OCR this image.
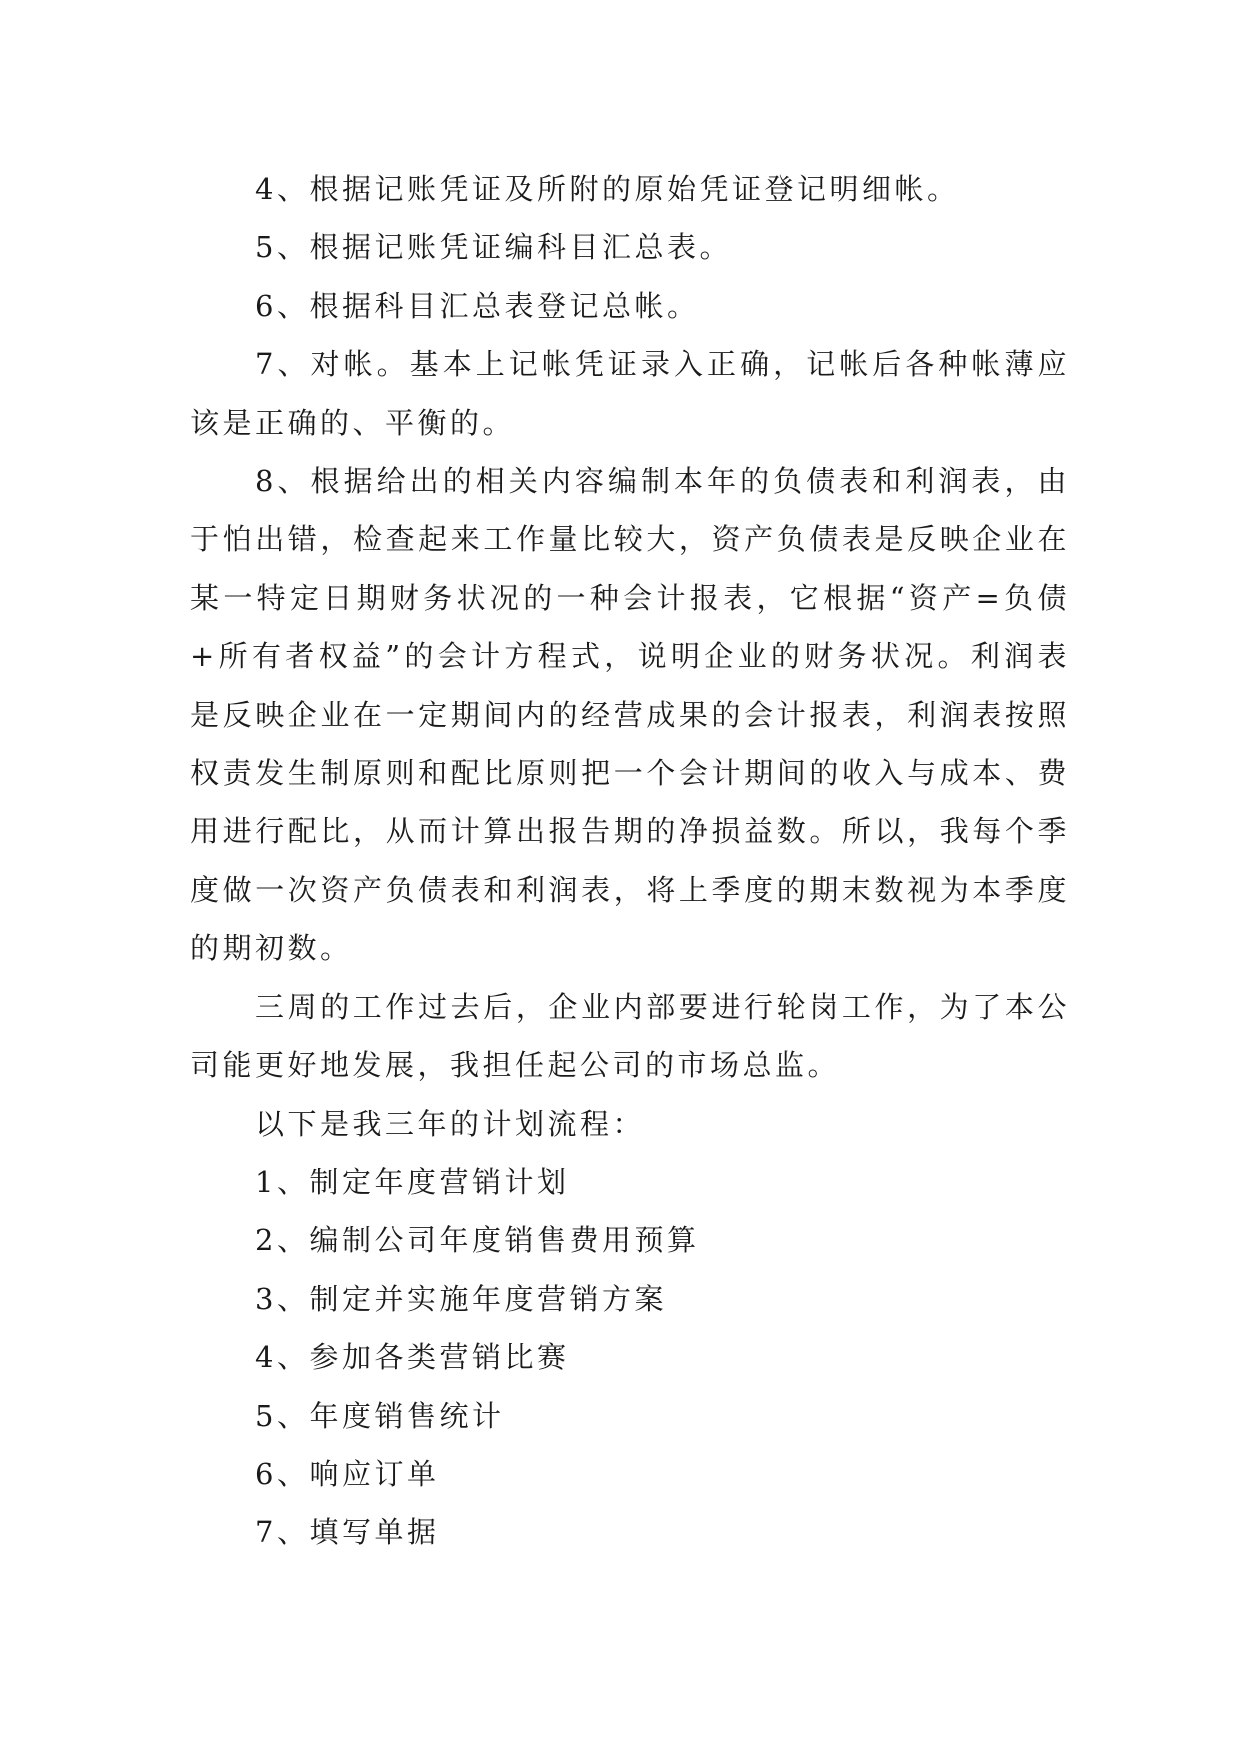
4、根据记账凭证及所附的原始凭证登记明细帐。

5、根据记账凭证编科目汇总表。

6、根据科目汇总表登记总帐。

7、对帐。基本上记帐凭证录入正确，记帐后各种帐薄应该是正确的、平衡的。

8、根据给出的相关内容编制本年的负债表和利润表，由于怕出错，检查起来工作量比较大，资产负债表是反映企业在某一特定日期财务状况的一种会计报表，它根据“资产=负债+所有者权益”的会计方程式，说明企业的财务状况。利润表是反映企业在一定期间内的经营成果的会计报表，利润表按照权责发生制原则和配比原则把一个会计期间的收入与成本、费用进行配比，从而计算出报告期的净损益数。所以，我每个季度做一次资产负债表和利润表，将上季度的期末数视为本季度的期初数。

三周的工作过去后，企业内部要进行轮岗工作，为了本公司能更好地发展，我担任起公司的市场总监。

以下是我三年的计划流程：

1、制定年度营销计划

2、编制公司年度销售费用预算

3、制定并实施年度营销方案

4、参加各类营销比赛

5、年度销售统计

6、响应订单

7、填写单据
